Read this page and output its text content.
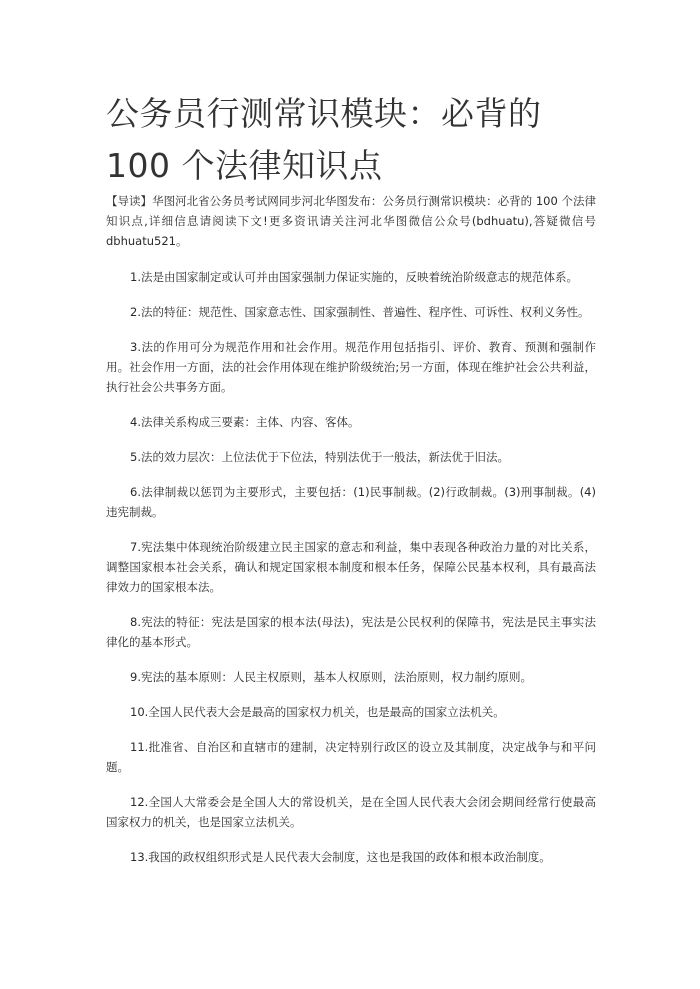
公务员行测常识模块：必背的 100 个法律知识点

【导读】华图河北省公务员考试网同步河北华图发布：公务员行测常识模块：必背的 100 个法律知识点,详细信息请阅读下文!更多资讯请关注河北华图微信公众号(bdhuatu),答疑微信号 dbhuatu521。

1.法是由国家制定或认可并由国家强制力保证实施的，反映着统治阶级意志的规范体系。

2.法的特征：规范性、国家意志性、国家强制性、普遍性、程序性、可诉性、权利义务性。

3.法的作用可分为规范作用和社会作用。规范作用包括指引、评价、教育、预测和强制作用。社会作用一方面，法的社会作用体现在维护阶级统治;另一方面，体现在维护社会公共利益，执行社会公共事务方面。

4.法律关系构成三要素：主体、内容、客体。

5.法的效力层次：上位法优于下位法，特别法优于一般法，新法优于旧法。

6.法律制裁以惩罚为主要形式，主要包括：(1)民事制裁。(2)行政制裁。(3)刑事制裁。(4)违宪制裁。

7.宪法集中体现统治阶级建立民主国家的意志和利益，集中表现各种政治力量的对比关系，调整国家根本社会关系，确认和规定国家根本制度和根本任务，保障公民基本权利，具有最高法律效力的国家根本法。

8.宪法的特征：宪法是国家的根本法(母法)，宪法是公民权利的保障书，宪法是民主事实法律化的基本形式。

9.宪法的基本原则：人民主权原则，基本人权原则，法治原则，权力制约原则。

10.全国人民代表大会是最高的国家权力机关，也是最高的国家立法机关。

11.批准省、自治区和直辖市的建制，决定特别行政区的设立及其制度，决定战争与和平问题。

12.全国人大常委会是全国人大的常设机关，是在全国人民代表大会闭会期间经常行使最高国家权力的机关，也是国家立法机关。

13.我国的政权组织形式是人民代表大会制度，这也是我国的政体和根本政治制度。
